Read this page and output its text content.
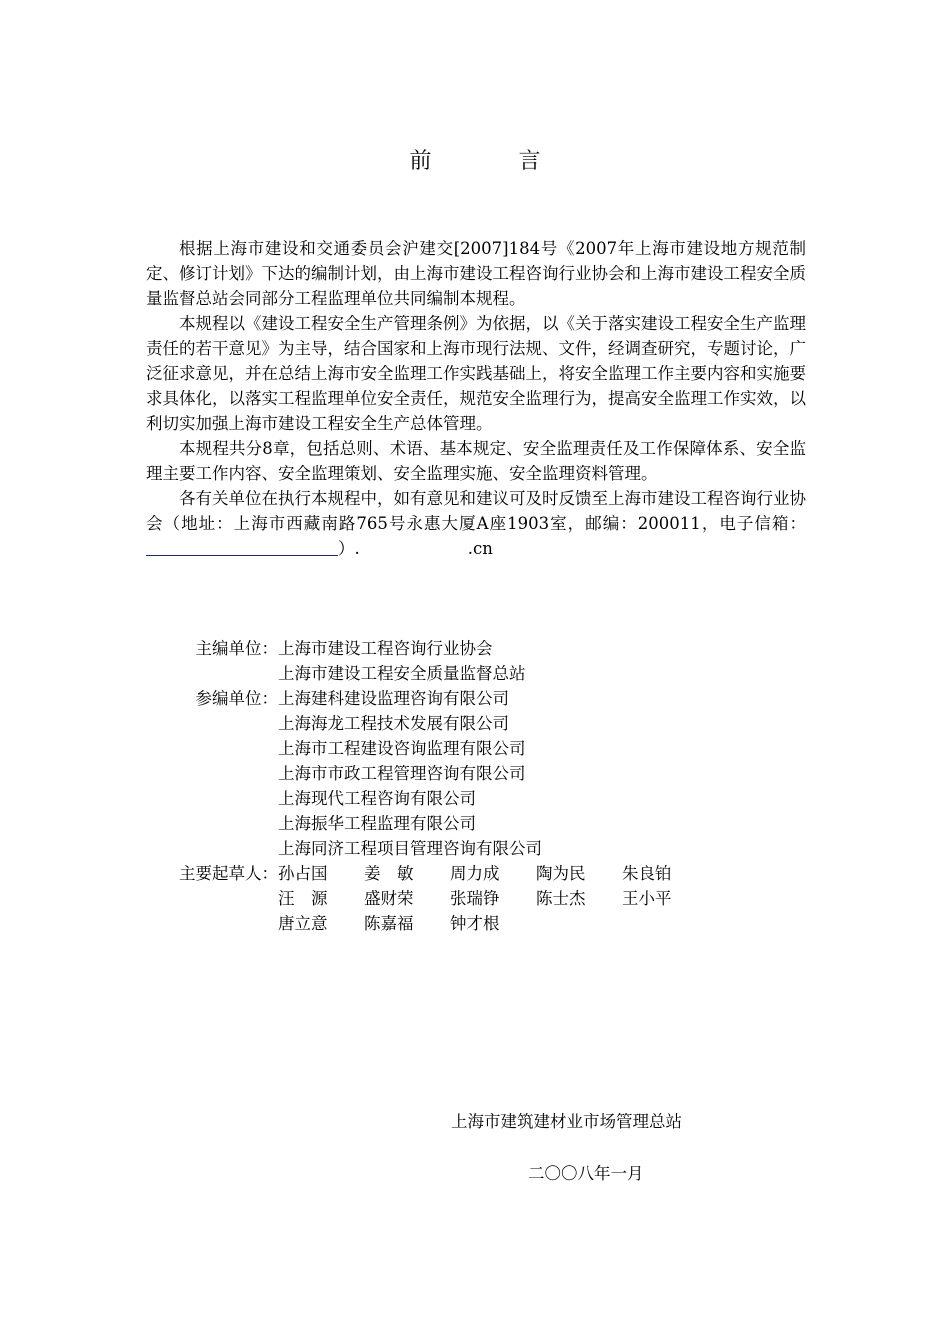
前 言

根据上海市建设和交通委员会沪建交[2007]184号《2007年上海市建设地方规范制定、修订计划》下达的编制计划，由上海市建设工程咨询行业协会和上海市建设工程安全质量监督总站会同部分工程监理单位共同编制本规程。

本规程以《建设工程安全生产管理条例》为依据，以《关于落实建设工程安全生产监理责任的若干意见》为主导，结合国家和上海市现行法规、文件，经调查研究，专题讨论，广泛征求意见，并在总结上海市安全监理工作实践基础上，将安全监理工作主要内容和实施要求具体化，以落实工程监理单位安全责任，规范安全监理行为，提高安全监理工作实效，以利切实加强上海市建设工程安全生产总体管理。

本规程共分8章，包括总则、术语、基本规定、安全监理责任及工作保障体系、安全监理主要工作内容、安全监理策划、安全监理实施、安全监理资料管理。

各有关单位在执行本规程中，如有意见和建议可及时反馈至上海市建设工程咨询行业协会（地址：上海市西藏南路765号永惠大厦A座1903室，邮编：200011，电子信箱：）.	.cn

主编单位： 上海市建设工程咨询行业协会
上海市建设工程安全质量监督总站
参编单位： 上海建科建设监理咨询有限公司
上海海龙工程技术发展有限公司
上海市工程建设咨询监理有限公司
上海市市政工程管理咨询有限公司
上海现代工程咨询有限公司
上海振华工程监理有限公司
上海同济工程项目管理咨询有限公司
主要起草人： 孙占国	姜　敏	周力成	陶为民	朱良铂
汪　源	盛财荣	张瑞铮	陈士杰	王小平
唐立意	陈嘉福	钟才根
上海市建筑建材业市场管理总站
二〇〇八年一月
